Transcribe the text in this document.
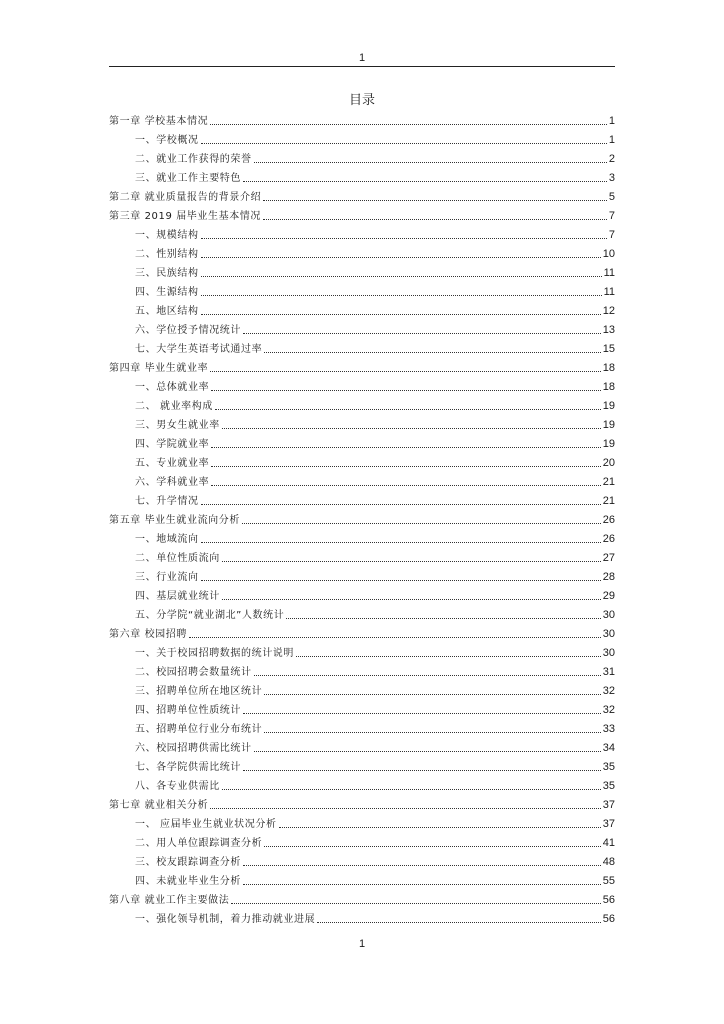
1
目录
第一章 学校基本情况	1
一、学校概况	1
二、就业工作获得的荣誉	2
三、就业工作主要特色	3
第二章 就业质量报告的背景介绍	5
第三章 2019 届毕业生基本情况	7
一、规模结构	7
二、性别结构	10
三、民族结构	11
四、生源结构	11
五、地区结构	12
六、学位授予情况统计	13
七、大学生英语考试通过率	15
第四章 毕业生就业率	18
一、总体就业率	18
二、 就业率构成	19
三、男女生就业率	19
四、学院就业率	19
五、专业就业率	20
六、学科就业率	21
七、升学情况	21
第五章 毕业生就业流向分析	26
一、地域流向	26
二、单位性质流向	27
三、行业流向	28
四、基层就业统计	29
五、分学院“就业湖北”人数统计	30
第六章 校园招聘	30
一、关于校园招聘数据的统计说明	30
二、校园招聘会数量统计	31
三、招聘单位所在地区统计	32
四、招聘单位性质统计	32
五、招聘单位行业分布统计	33
六、校园招聘供需比统计	34
七、各学院供需比统计	35
八、各专业供需比	35
第七章 就业相关分析	37
一、 应届毕业生就业状况分析	37
二、用人单位跟踪调查分析	41
三、校友跟踪调查分析	48
四、未就业毕业生分析	55
第八章 就业工作主要做法	56
一、强化领导机制，着力推动就业进展	56
1
